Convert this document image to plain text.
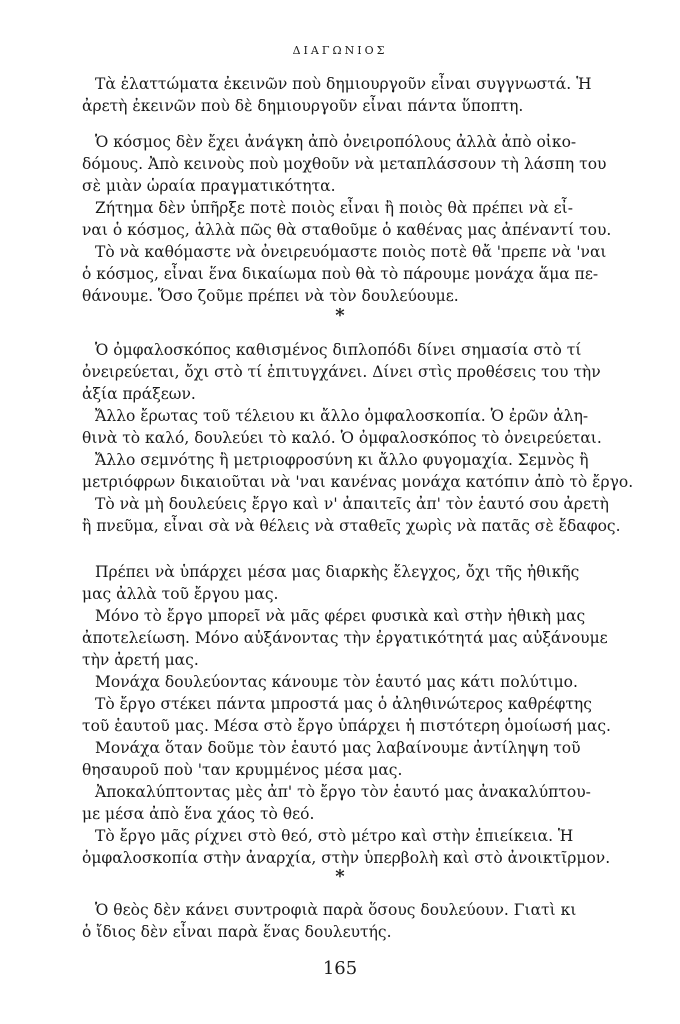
ΔΙΑΓΩΝΙΟΣ
Τὰ ἐλαττώματα ἐκεινῶν ποὺ δημιουργοῦν εἶναι συγγνωστά. Ἡ
ἀρετὴ ἐκεινῶν ποὺ δὲ δημιουργοῦν εἶναι πάντα ὕποπτη.
Ὁ κόσμος δὲν ἔχει ἀνάγκη ἀπὸ ὀνειροπόλους ἀλλὰ ἀπὸ οἰκο-
δόμους. Ἀπὸ κεινοὺς ποὺ μοχθοῦν νὰ μεταπλάσσουν τὴ λάσπη του
σὲ μιὰν ὡραία πραγματικότητα.
Ζήτημα δὲν ὑπῆρξε ποτὲ ποιὸς εἶναι ἢ ποιὸς θὰ πρέπει νὰ εἶ-
ναι ὁ κόσμος, ἀλλὰ πῶς θὰ σταθοῦμε ὁ καθένας μας ἀπέναντί του.
Τὸ νὰ καθόμαστε νὰ ὀνειρευόμαστε ποιὸς ποτὲ θἄ 'πρεπε νὰ 'ναι
ὁ κόσμος, εἶναι ἕνα δικαίωμα ποὺ θὰ τὸ πάρουμε μονάχα ἅμα πε-
θάνουμε. Ὅσο ζοῦμε πρέπει νὰ τὸν δουλεύουμε.
*
Ὁ ὀμφαλοσκόπος καθισμένος διπλοπόδι δίνει σημασία στὸ τί
ὀνειρεύεται, ὄχι στὸ τί ἐπιτυγχάνει. Δίνει στὶς προθέσεις του τὴν
ἀξία πράξεων.
Ἄλλο ἔρωτας τοῦ τέλειου κι ἄλλο ὀμφαλοσκοπία. Ὁ ἐρῶν ἀλη-
θινὰ τὸ καλό, δουλεύει τὸ καλό. Ὁ ὀμφαλοσκόπος τὸ ὀνειρεύεται.
Ἄλλο σεμνότης ἢ μετριοφροσύνη κι ἄλλο φυγομαχία. Σεμνὸς ἢ
μετριόφρων δικαιοῦται νὰ 'ναι κανένας μονάχα κατόπιν ἀπὸ τὸ ἔργο.
Τὸ νὰ μὴ δουλεύεις ἔργο καὶ ν' ἀπαιτεῖς ἀπ' τὸν ἑαυτό σου ἀρετὴ
ἢ πνεῦμα, εἶναι σὰ νὰ θέλεις νὰ σταθεῖς χωρὶς νὰ πατᾶς σὲ ἔδαφος.
Πρέπει νὰ ὑπάρχει μέσα μας διαρκὴς ἔλεγχος, ὄχι τῆς ἠθικῆς
μας ἀλλὰ τοῦ ἔργου μας.
Μόνο τὸ ἔργο μπορεῖ νὰ μᾶς φέρει φυσικὰ καὶ στὴν ἠθικὴ μας
ἀποτελείωση. Μόνο αὐξάνοντας τὴν ἐργατικότητά μας αὐξάνουμε
τὴν ἀρετή μας.
Μονάχα δουλεύοντας κάνουμε τὸν ἑαυτό μας κάτι πολύτιμο.
Τὸ ἔργο στέκει πάντα μπροστά μας ὁ ἀληθινώτερος καθρέφτης
τοῦ ἑαυτοῦ μας. Μέσα στὸ ἔργο ὑπάρχει ἡ πιστότερη ὁμοίωσή μας.
Μονάχα ὅταν δοῦμε τὸν ἑαυτό μας λαβαίνουμε ἀντίληψη τοῦ
θησαυροῦ ποὺ 'ταν κρυμμένος μέσα μας.
Ἀποκαλύπτοντας μὲς ἀπ' τὸ ἔργο τὸν ἑαυτό μας ἀνακαλύπτου-
με μέσα ἀπὸ ἕνα χάος τὸ θεό.
Τὸ ἔργο μᾶς ρίχνει στὸ θεό, στὸ μέτρο καὶ στὴν ἐπιείκεια. Ἡ
ὀμφαλοσκοπία στὴν ἀναρχία, στὴν ὑπερβολὴ καὶ στὸ ἀνοικτῖρμον.
*
Ὁ θεὸς δὲν κάνει συντροφιὰ παρὰ ὅσους δουλεύουν. Γιατὶ κι
ὁ ἴδιος δὲν εἶναι παρὰ ἕνας δουλευτής.
165
